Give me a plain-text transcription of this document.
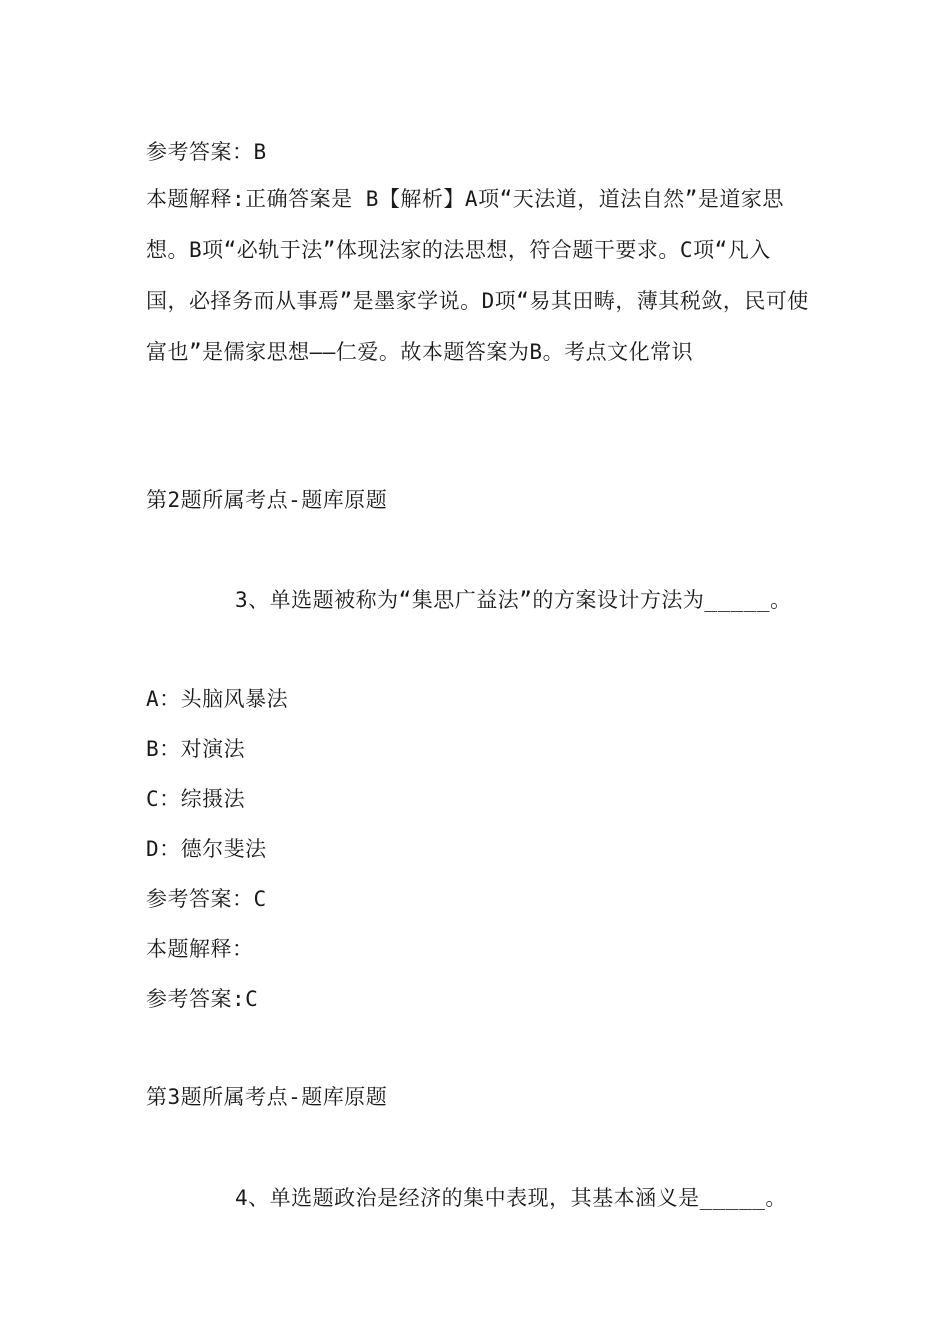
参考答案：B
本题解释:正确答案是 B【解析】A项“天法道，道法自然”是道家思想。B项“必轨于法”体现法家的法思想，符合题干要求。C项“凡入国，必择务而从事焉”是墨家学说。D项“易其田畴，薄其税敛，民可使富也”是儒家思想——仁爱。故本题答案为B。考点文化常识
第2题所属考点-题库原题
3、单选题被称为“集思广益法”的方案设计方法为_____。
A：头脑风暴法
B：对演法
C：综摄法
D：德尔斐法
参考答案：C
本题解释：
参考答案:C
第3题所属考点-题库原题
4、单选题政治是经济的集中表现，其基本涵义是_____。
